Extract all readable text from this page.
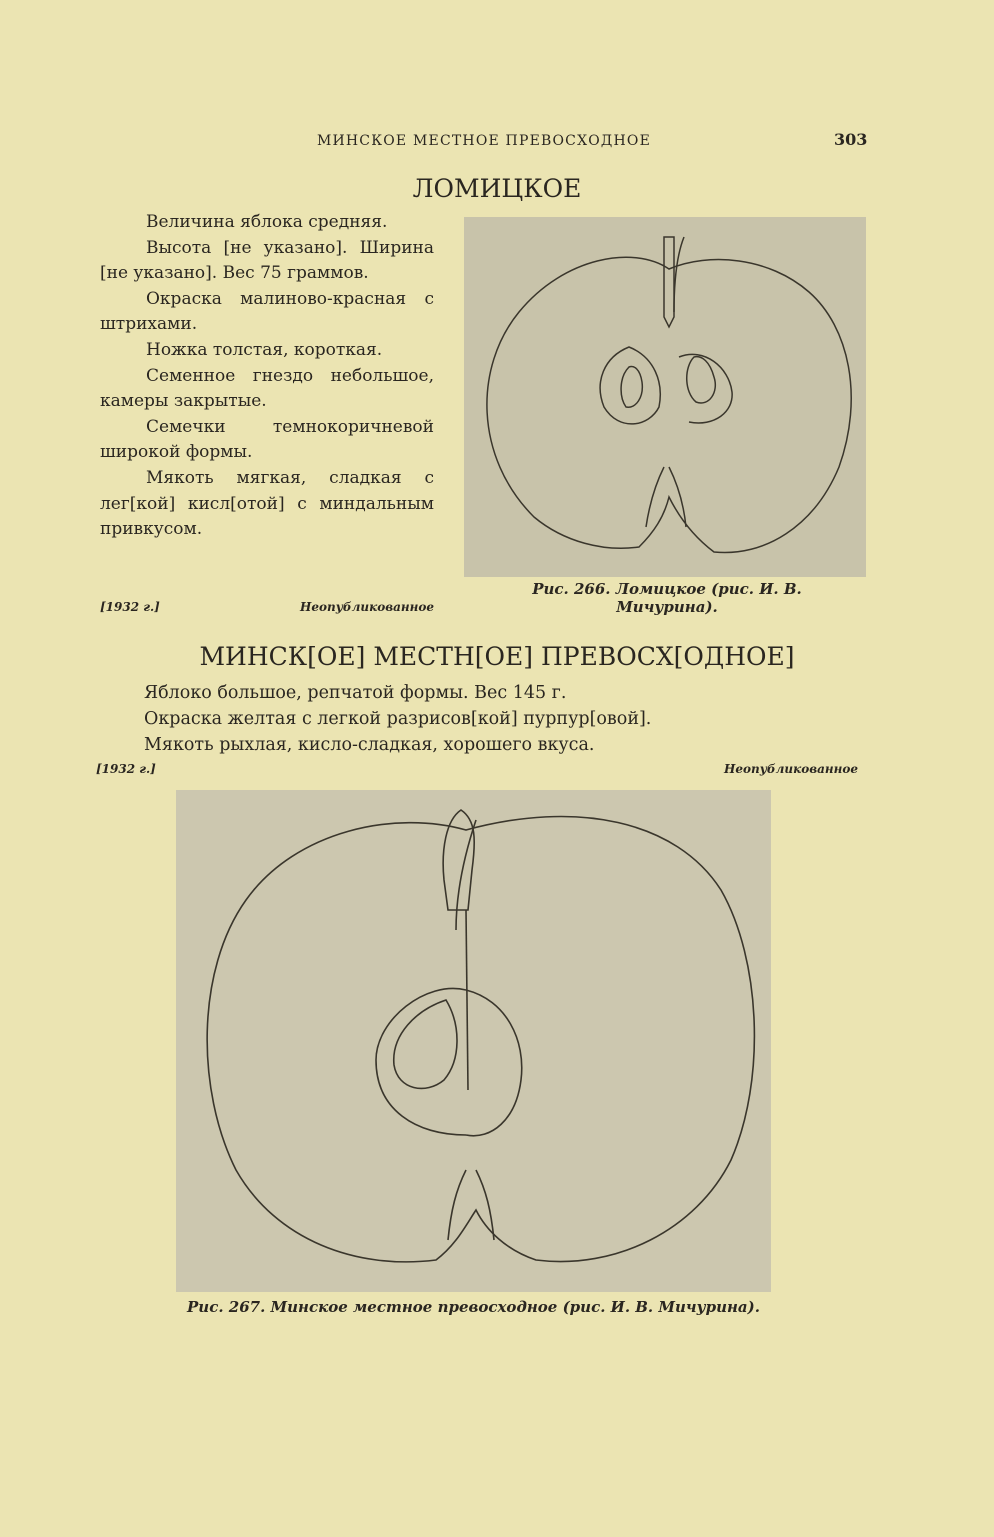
МИНСКОЕ МЕСТНОЕ ПРЕВОСХОДНОЕ	303
ЛОМИЦКОЕ

Величина яблока средняя.

Высота [не указано]. Ширина [не указано]. Вес 75 граммов.

Окраска малиново-красная с штрихами.

Ножка толстая, короткая.

Семенное гнездо небольшое, камеры закрытые.

Семечки темнокоричневой широкой формы.

Мякоть мягкая, сладкая с лег[кой] кисл[отой] с миндальным привкусом.

[1932 г.]	Неопубликованное
Рис. 266. Ломицкое (рис. И. В. Мичурина).
МИНСК[ОЕ] МЕСТН[ОЕ] ПРЕВОСХ[ОДНОЕ]

Яблоко большое, репчатой формы. Вес 145 г.

Окраска желтая с легкой разрисов[кой] пурпур[овой].

Мякоть рыхлая, кисло-сладкая, хорошего вкуса.

[1932 г.]	Неопубликованное
Рис. 267. Минское местное превосходное (рис. И. В. Мичурина).
